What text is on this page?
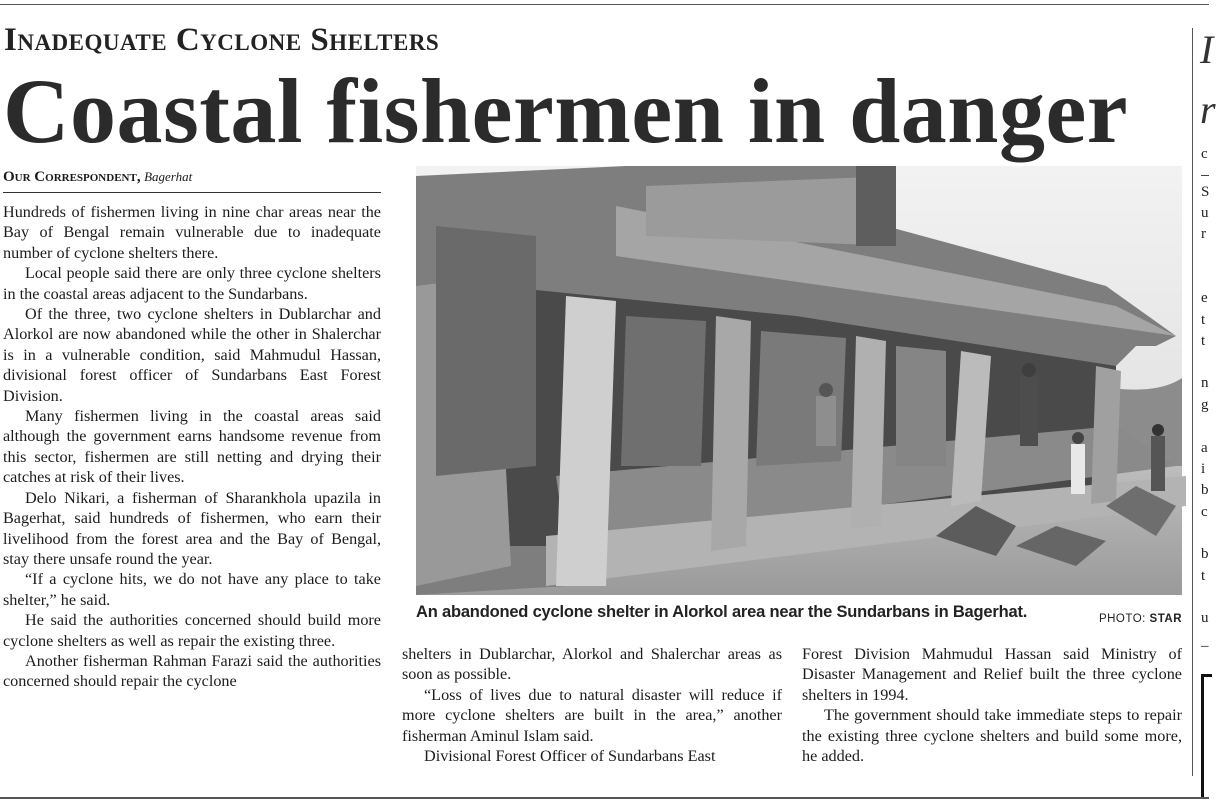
Inadequate Cyclone Shelters
Coastal fishermen in danger
Our Correspondent, Bagerhat

Hundreds of fishermen living in nine char areas near the Bay of Bengal remain vulnerable due to inadequate number of cyclone shelters there.

Local people said there are only three cyclone shelters in the coastal areas adjacent to the Sundarbans.

Of the three, two cyclone shelters in Dublarchar and Alorkol are now abandoned while the other in Shalerchar is in a vulnerable condition, said Mahmudul Hassan, divisional forest officer of Sundarbans East Forest Division.

Many fishermen living in the coastal areas said although the government earns handsome revenue from this sector, fishermen are still netting and drying their catches at risk of their lives.

Delo Nikari, a fisherman of Sharankhola upazila in Bagerhat, said hundreds of fishermen, who earn their livelihood from the forest area and the Bay of Bengal, stay there unsafe round the year.

“If a cyclone hits, we do not have any place to take shelter,” he said.

He said the authorities concerned should build more cyclone shelters as well as repair the existing three.

Another fisherman Rahman Farazi said the authorities concerned should repair the cyclone

An abandoned cyclone shelter in Alorkol area near the Sundarbans in Bagerhat.	PHOTO: STAR

shelters in Dublarchar, Alorkol and Shalerchar areas as soon as possible.

“Loss of lives due to natural disaster will reduce if more cyclone shelters are built in the area,” another fisherman Aminul Islam said.

Divisional Forest Officer of Sundarbans East

Forest Division Mahmudul Hassan said Ministry of Disaster Management and Relief built the three cyclone shelters in 1994.

The government should take immediate steps to repair the existing three cyclone shelters and build some more, he added.

I
r
c
S
u
r
e
t
t
n
g
a
i
b
c
b
t
u
–
